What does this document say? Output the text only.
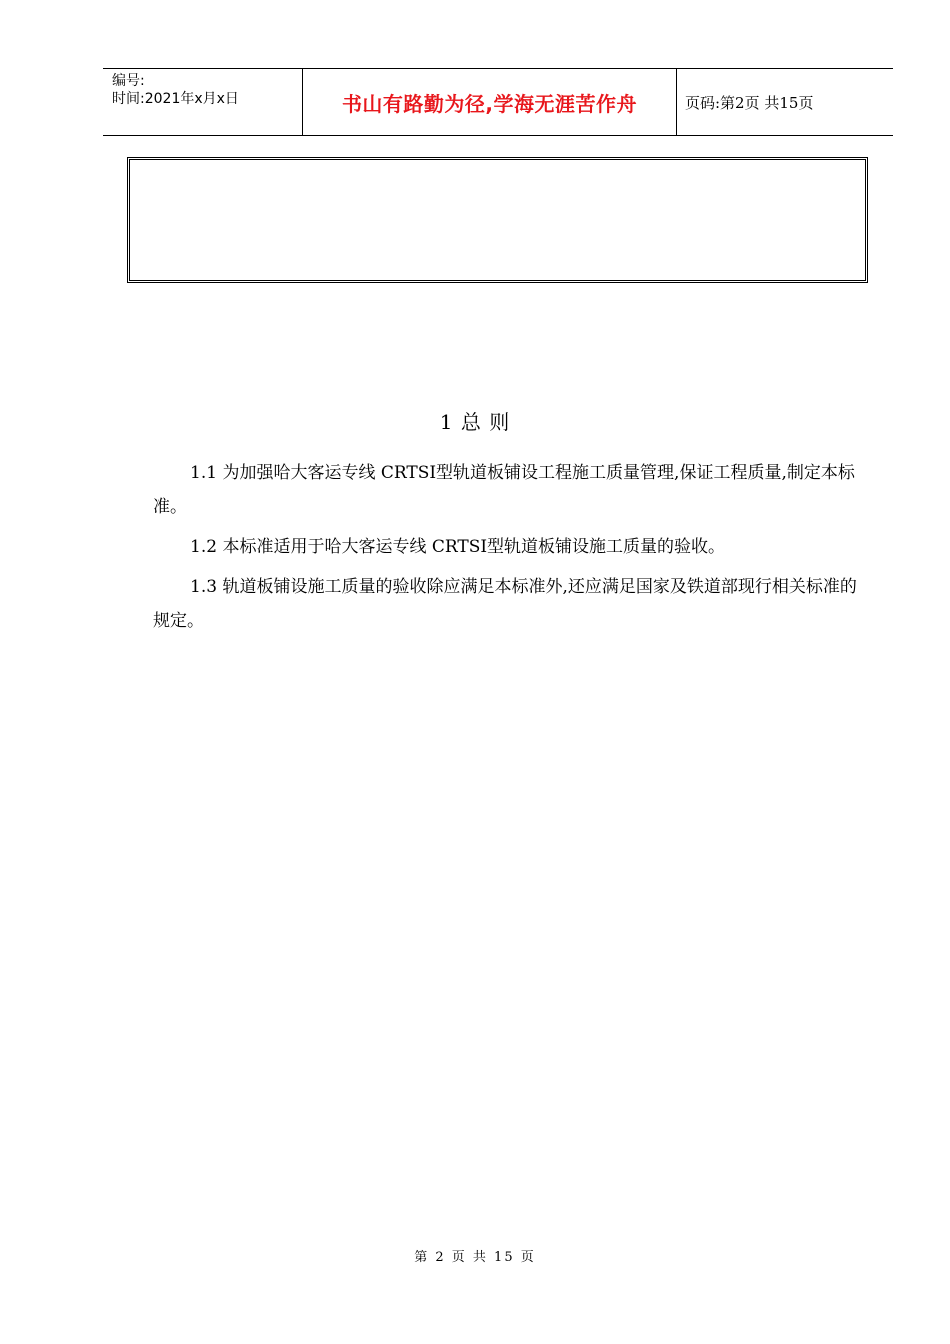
编号:
时间:2021年x月x日	书山有路勤为径,学海无涯苦作舟	页码:第2页 共15页
1 总 则

1.1 为加强哈大客运专线 CRTSⅠ型轨道板铺设工程施工质量管理,保证工程质量,制定本标准。

1.2 本标准适用于哈大客运专线 CRTSⅠ型轨道板铺设施工质量的验收。

1.3 轨道板铺设施工质量的验收除应满足本标准外,还应满足国家及铁道部现行相关标准的规定。

第 2 页 共 15 页
